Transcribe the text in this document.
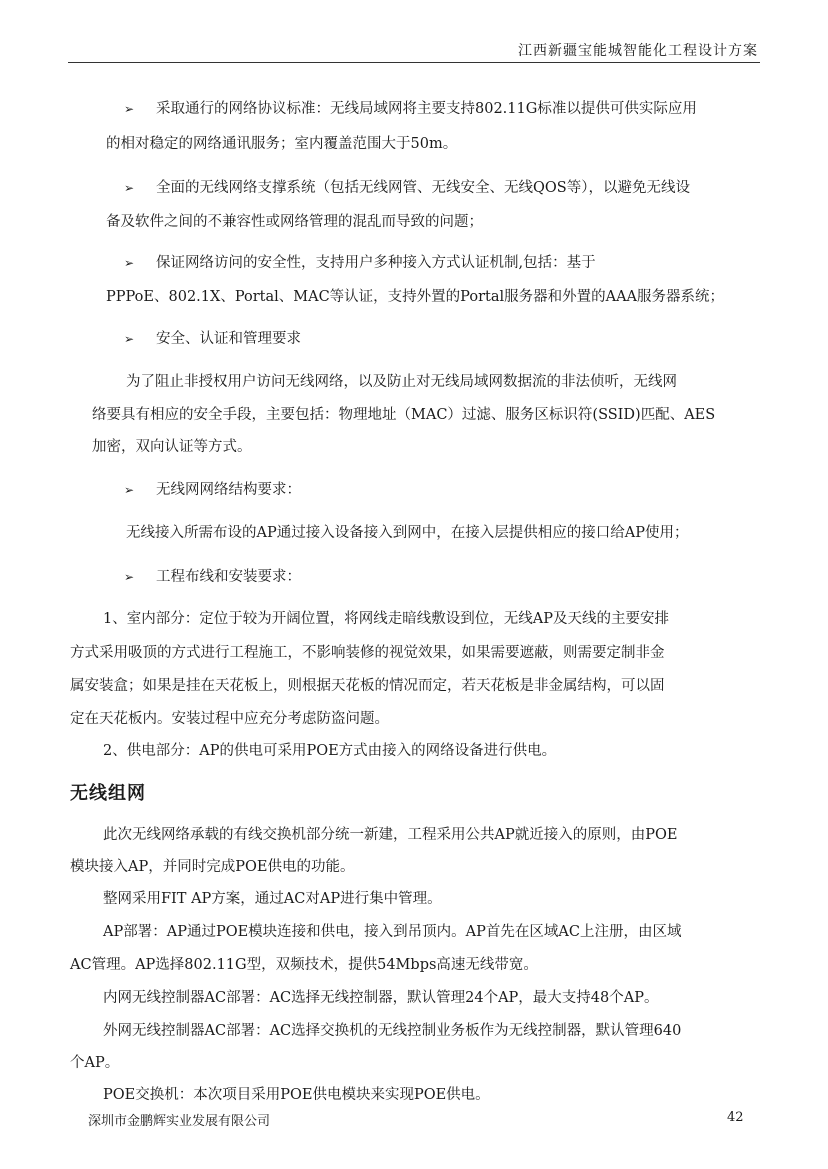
江西新疆宝能城智能化工程设计方案
➢ 采取通行的网络协议标准：无线局域网将主要支持802.11G标准以提供可供实际应用
的相对稳定的网络通讯服务；室内覆盖范围大于50m。
➢ 全面的无线网络支撑系统（包括无线网管、无线安全、无线QOS等），以避免无线设
备及软件之间的不兼容性或网络管理的混乱而导致的问题；
➢ 保证网络访问的安全性，支持用户多种接入方式认证机制,包括：基于
PPPoE、802.1X、Portal、MAC等认证，支持外置的Portal服务器和外置的AAA服务器系统；
➢ 安全、认证和管理要求
为了阻止非授权用户访问无线网络，以及防止对无线局域网数据流的非法侦听，无线网
络要具有相应的安全手段，主要包括：物理地址（MAC）过滤、服务区标识符(SSID)匹配、AES
加密，双向认证等方式。
➢ 无线网网络结构要求：
无线接入所需布设的AP通过接入设备接入到网中，在接入层提供相应的接口给AP使用；
➢ 工程布线和安装要求：
1、室内部分：定位于较为开阔位置，将网线走暗线敷设到位，无线AP及天线的主要安排
方式采用吸顶的方式进行工程施工，不影响装修的视觉效果，如果需要遮蔽，则需要定制非金
属安装盒；如果是挂在天花板上，则根据天花板的情况而定，若天花板是非金属结构，可以固
定在天花板内。安装过程中应充分考虑防盗问题。
2、供电部分：AP的供电可采用POE方式由接入的网络设备进行供电。
无线组网
此次无线网络承载的有线交换机部分统一新建，工程采用公共AP就近接入的原则，由POE
模块接入AP，并同时完成POE供电的功能。
整网采用FIT AP方案，通过AC对AP进行集中管理。
AP部署：AP通过POE模块连接和供电，接入到吊顶内。AP首先在区域AC上注册，由区域
AC管理。AP选择802.11G型，双频技术，提供54Mbps高速无线带宽。
内网无线控制器AC部署：AC选择无线控制器，默认管理24个AP，最大支持48个AP。
外网无线控制器AC部署：AC选择交换机的无线控制业务板作为无线控制器，默认管理640
个AP。
POE交换机：本次项目采用POE供电模块来实现POE供电。
深圳市金鹏辉实业发展有限公司	42
